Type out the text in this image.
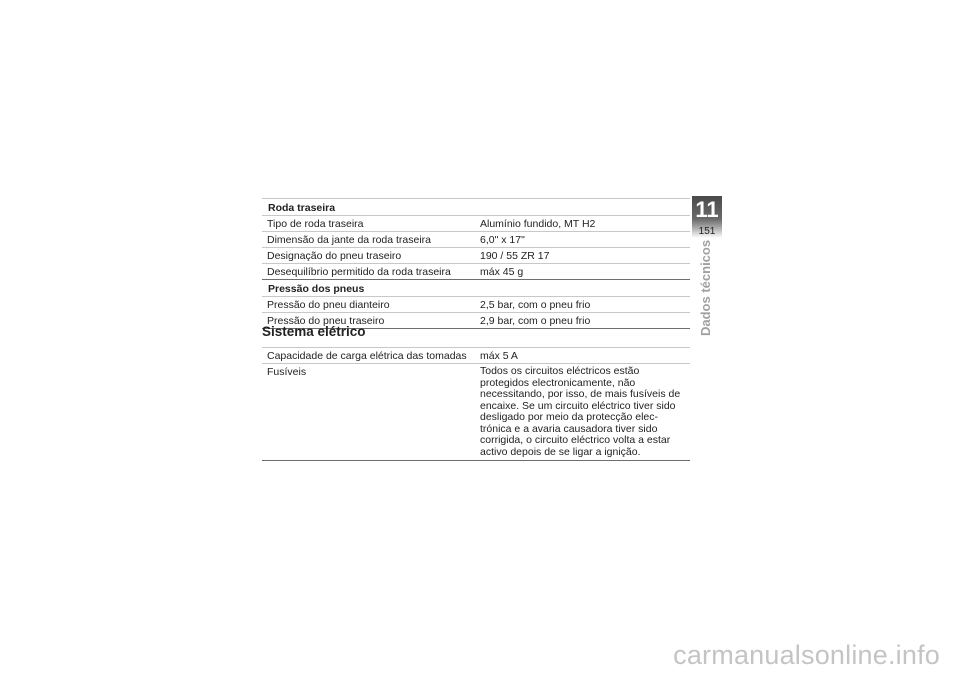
Roda traseira
Tipo de roda traseira	Alumínio fundido, MT H2
Dimensão da jante da roda traseira	6,0" x 17"
Designação do pneu traseiro	190 / 55 ZR 17
Desequilíbrio permitido da roda traseira	máx 45 g
Pressão dos pneus
Pressão do pneu dianteiro	2,5 bar, com o pneu frio
Pressão do pneu traseiro	2,9 bar, com o pneu frio
Sistema elétrico
Capacidade de carga elétrica das tomadas	máx 5 A
Fusíveis	Todos os circuitos eléctricos estão protegidos electronicamente, não necessitando, por isso, de mais fusíveis de encaixe. Se um circuito eléctrico tiver sido desligado por meio da protecção elec- trónica e a avaria causadora tiver sido corrigida, o circuito eléctrico volta a estar activo depois de se ligar a ignição.
11
151
Dados técnicos
carmanualsonline.info
